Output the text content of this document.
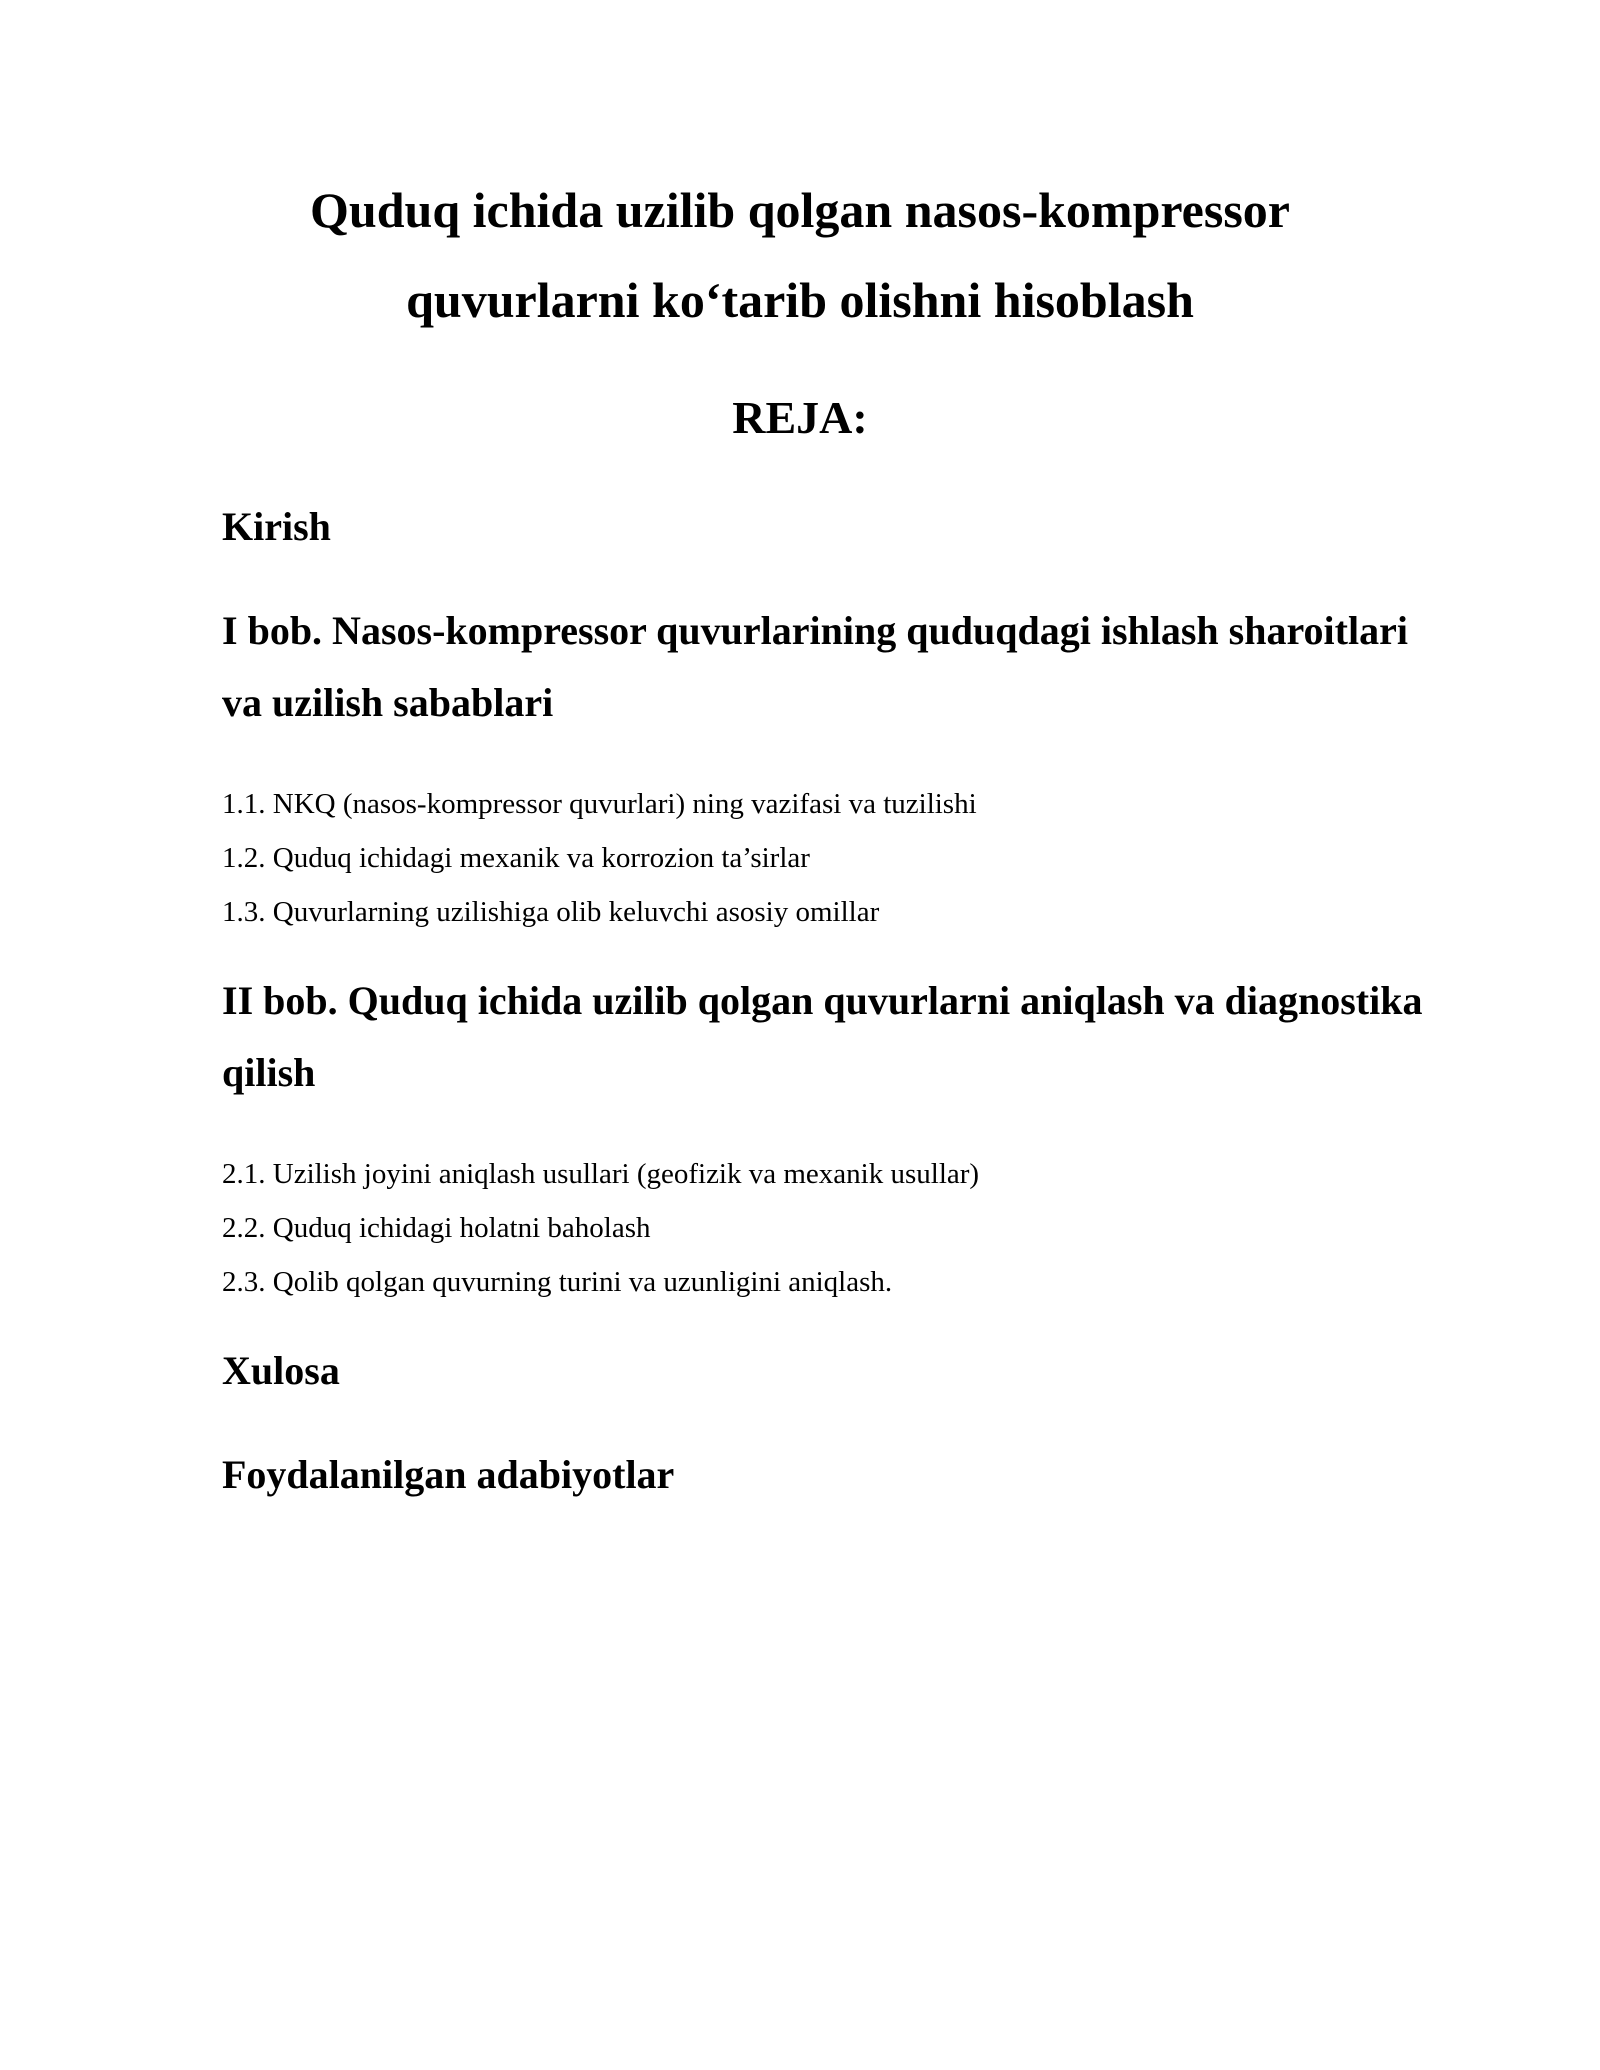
Quduq ichida uzilib qolgan nasos-kompressor
quvurlarni ko‘tarib olishni hisoblash
REJA:
Kirish
I bob. Nasos-kompressor quvurlarining quduqdagi ishlash sharoitlari
va uzilish sabablari

1.1. NKQ (nasos-kompressor quvurlari) ning vazifasi va tuzilishi

1.2. Quduq ichidagi mexanik va korrozion ta’sirlar

1.3. Quvurlarning uzilishiga olib keluvchi asosiy omillar

II bob. Quduq ichida uzilib qolgan quvurlarni aniqlash va diagnostika
qilish

2.1. Uzilish joyini aniqlash usullari (geofizik va mexanik usullar)

2.2. Quduq ichidagi holatni baholash

2.3. Qolib qolgan quvurning turini va uzunligini aniqlash.

Xulosa
Foydalanilgan adabiyotlar
